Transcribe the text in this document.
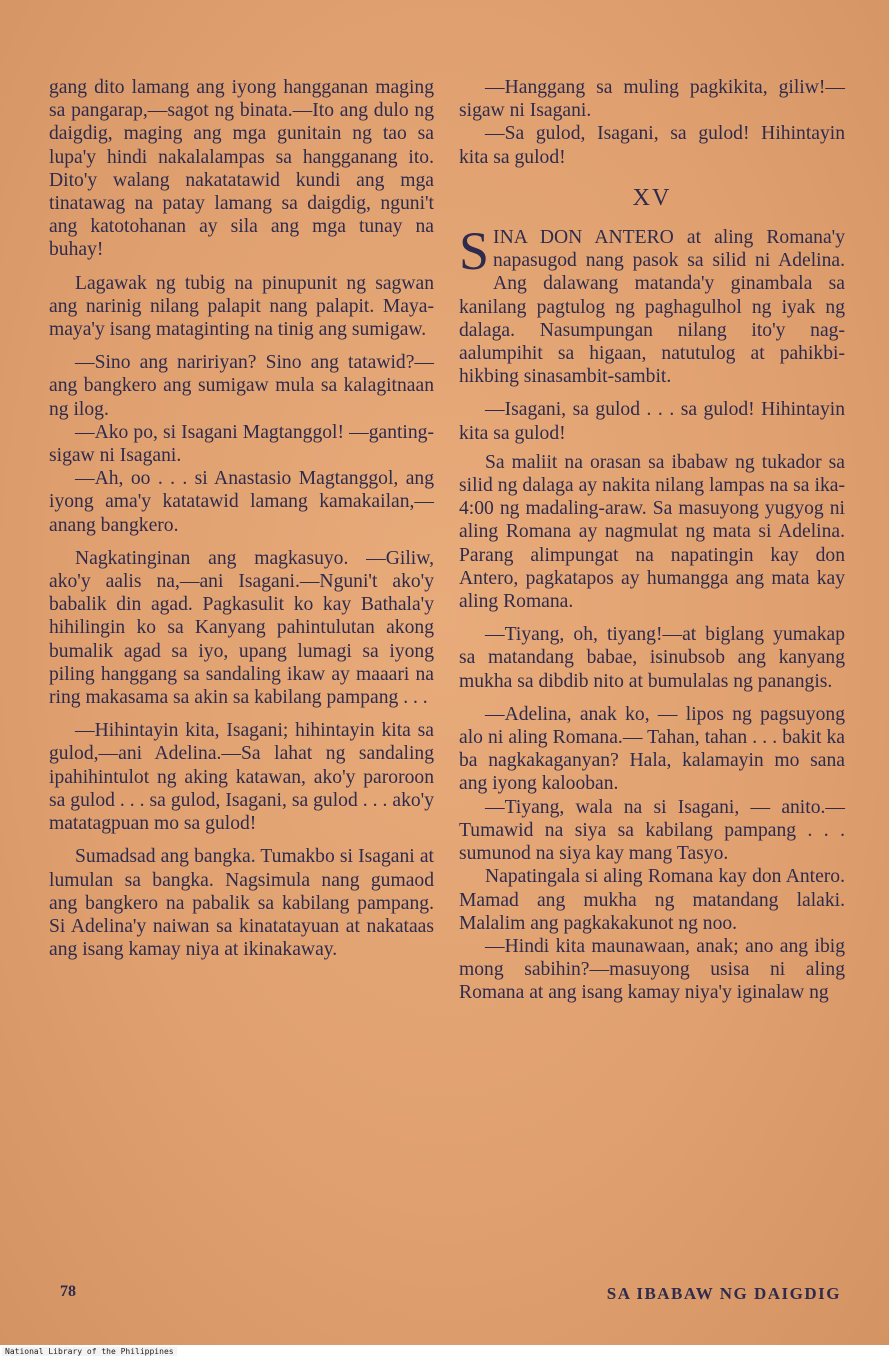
gang dito lamang ang iyong hangganan maging sa pangarap,—sagot ng binata.—Ito ang dulo ng daigdig, maging ang mga gunitain ng tao sa lupa'y hindi nakalalampas sa hangganang ito. Dito'y walang nakatatawid kundi ang mga tinatawag na patay lamang sa daigdig, nguni't ang katotohanan ay sila ang mga tunay na buhay!

Lagawak ng tubig na pinupunit ng sagwan ang narinig nilang palapit nang palapit. Maya-maya'y isang mataginting na tinig ang sumigaw.

—Sino ang naririyan? Sino ang tatawid?—ang bangkero ang sumigaw mula sa kalagitnaan ng ilog.

—Ako po, si Isagani Magtanggol! —ganting-sigaw ni Isagani.

—Ah, oo . . . si Anastasio Magtanggol, ang iyong ama'y katatawid lamang kamakailan,—anang bangkero.

Nagkatinginan ang magkasuyo. —Giliw, ako'y aalis na,—ani Isagani.—Nguni't ako'y babalik din agad. Pagkasulit ko kay Bathala'y hihilingin ko sa Kanyang pahintulutan akong bumalik agad sa iyo, upang lumagi sa iyong piling hanggang sa sandaling ikaw ay maaari na ring makasama sa akin sa kabilang pampang . . .

—Hihintayin kita, Isagani; hihintayin kita sa gulod,—ani Adelina.—Sa lahat ng sandaling ipahihintulot ng aking katawan, ako'y paroroon sa gulod . . . sa gulod, Isagani, sa gulod . . . ako'y matatagpuan mo sa gulod!

Sumadsad ang bangka. Tumakbo si Isagani at lumulan sa bangka. Nagsimula nang gumaod ang bangkero na pabalik sa kabilang pampang. Si Adelina'y naiwan sa kinatatayuan at nakataas ang isang kamay niya at ikinakaway.

—Hanggang sa muling pagkikita, giliw!—sigaw ni Isagani.

—Sa gulod, Isagani, sa gulod! Hihintayin kita sa gulod!

XV

SINA DON ANTERO at aling Romana'y napasugod nang pasok sa silid ni Adelina. Ang dalawang matanda'y ginambala sa kanilang pagtulog ng paghagulhol ng iyak ng dalaga. Nasumpungan nilang ito'y nag-aalumpihit sa higaan, natutulog at pahikbi-hikbing sinasambit-sambit.

—Isagani, sa gulod . . . sa gulod! Hihintayin kita sa gulod!

Sa maliit na orasan sa ibabaw ng tukador sa silid ng dalaga ay nakita nilang lampas na sa ika-4:00 ng madaling-araw. Sa masuyong yugyog ni aling Romana ay nagmulat ng mata si Adelina. Parang alimpungat na napatingin kay don Antero, pagkatapos ay humangga ang mata kay aling Romana.

—Tiyang, oh, tiyang!—at biglang yumakap sa matandang babae, isinubsob ang kanyang mukha sa dibdib nito at bumulalas ng panangis.

—Adelina, anak ko, — lipos ng pagsuyong alo ni aling Romana.— Tahan, tahan . . . bakit ka ba nagkakaganyan? Hala, kalamayin mo sana ang iyong kalooban.

—Tiyang, wala na si Isagani, — anito.—Tumawid na siya sa kabilang pampang . . . sumunod na siya kay mang Tasyo.

Napatingala si aling Romana kay don Antero. Mamad ang mukha ng matandang lalaki. Malalim ang pagkakakunot ng noo.

—Hindi kita maunawaan, anak; ano ang ibig mong sabihin?—masuyong usisa ni aling Romana at ang isang kamay niya'y iginalaw ng

78	SA IBABAW NG DAIGDIG
National Library of the Philippines
